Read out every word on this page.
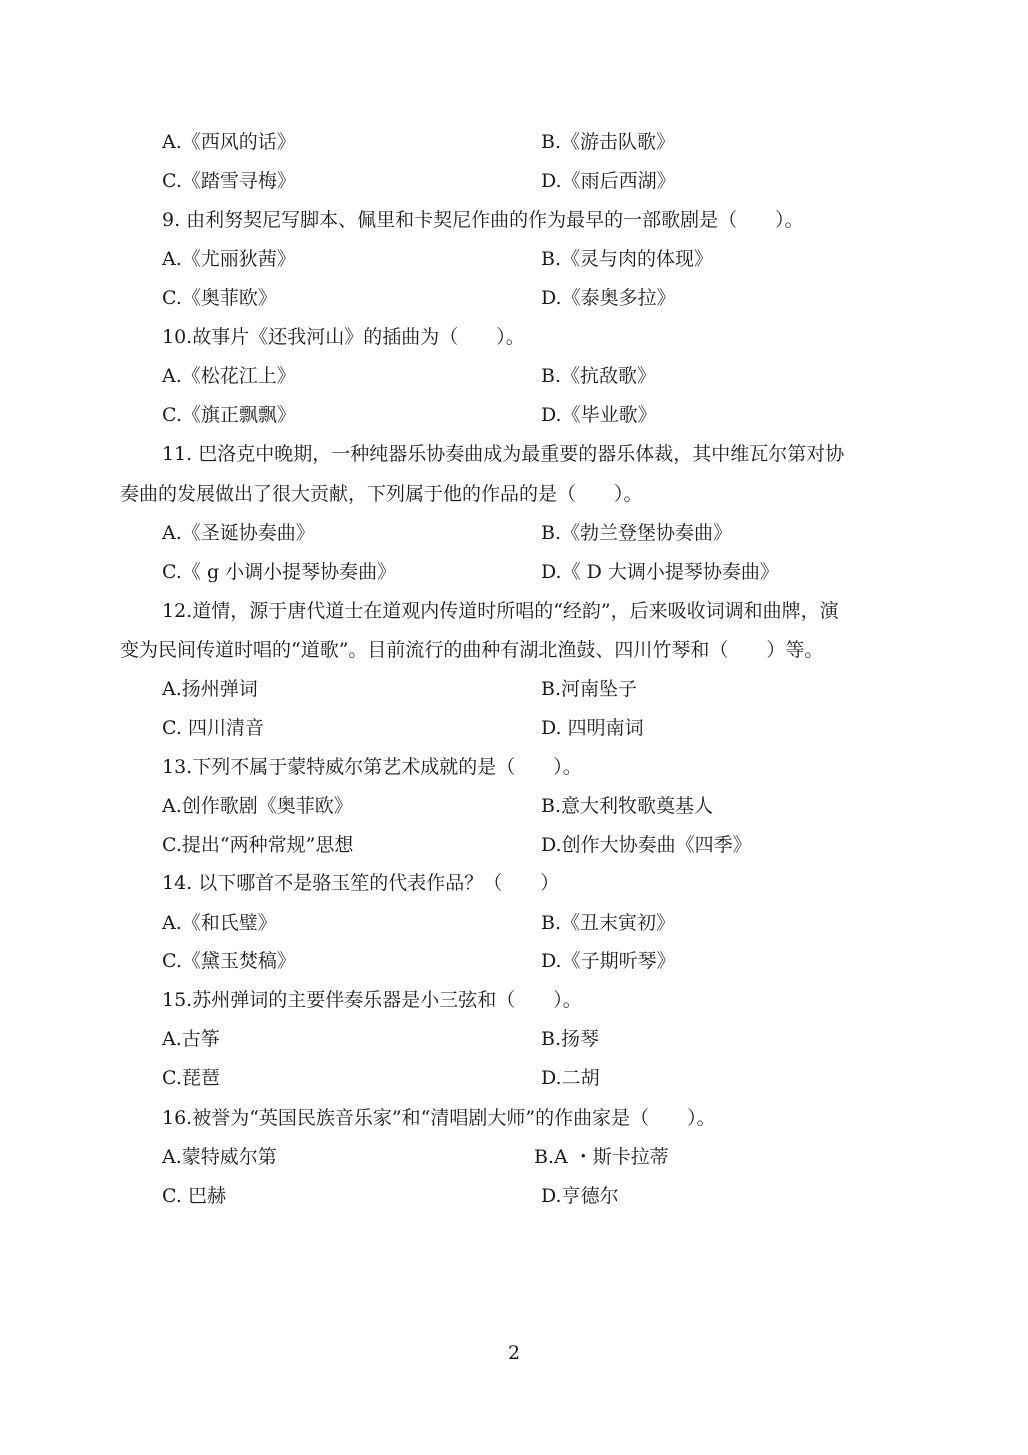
A.《西风的话》	B.《游击队歌》
C.《踏雪寻梅》	D.《雨后西湖》
9. 由利努契尼写脚本、佩里和卡契尼作曲的作为最早的一部歌剧是（　　）。
A.《尤丽狄茜》	B.《灵与肉的体现》
C.《奥菲欧》	D.《泰奥多拉》
10.故事片《还我河山》的插曲为（　　）。
A.《松花江上》	B.《抗敌歌》
C.《旗正飘飘》	D.《毕业歌》
11. 巴洛克中晚期，一种纯器乐协奏曲成为最重要的器乐体裁，其中维瓦尔第对协
奏曲的发展做出了很大贡献，下列属于他的作品的是（　　）。
A.《圣诞协奏曲》	B.《勃兰登堡协奏曲》
C.《 g 小调小提琴协奏曲》	D.《 D 大调小提琴协奏曲》
12.道情，源于唐代道士在道观内传道时所唱的“经韵”，后来吸收词调和曲牌，演
变为民间传道时唱的“道歌”。目前流行的曲种有湖北渔鼓、四川竹琴和（　　）等。
A.扬州弹词	B.河南坠子
C. 四川清音	D. 四明南词
13.下列不属于蒙特威尔第艺术成就的是（　　）。
A.创作歌剧《奥菲欧》	B.意大利牧歌奠基人
C.提出“两种常规”思想	D.创作大协奏曲《四季》
14. 以下哪首不是骆玉笙的代表作品？（　　）
A.《和氏璧》	B.《丑末寅初》
C.《黛玉焚稿》	D.《子期听琴》
15.苏州弹词的主要伴奏乐器是小三弦和（　　）。
A.古筝	B.扬琴
C.琵琶	D.二胡
16.被誉为“英国民族音乐家”和“清唱剧大师”的作曲家是（　　）。
A.蒙特威尔第	B.A ・斯卡拉蒂
C. 巴赫	D.亨德尔
2
